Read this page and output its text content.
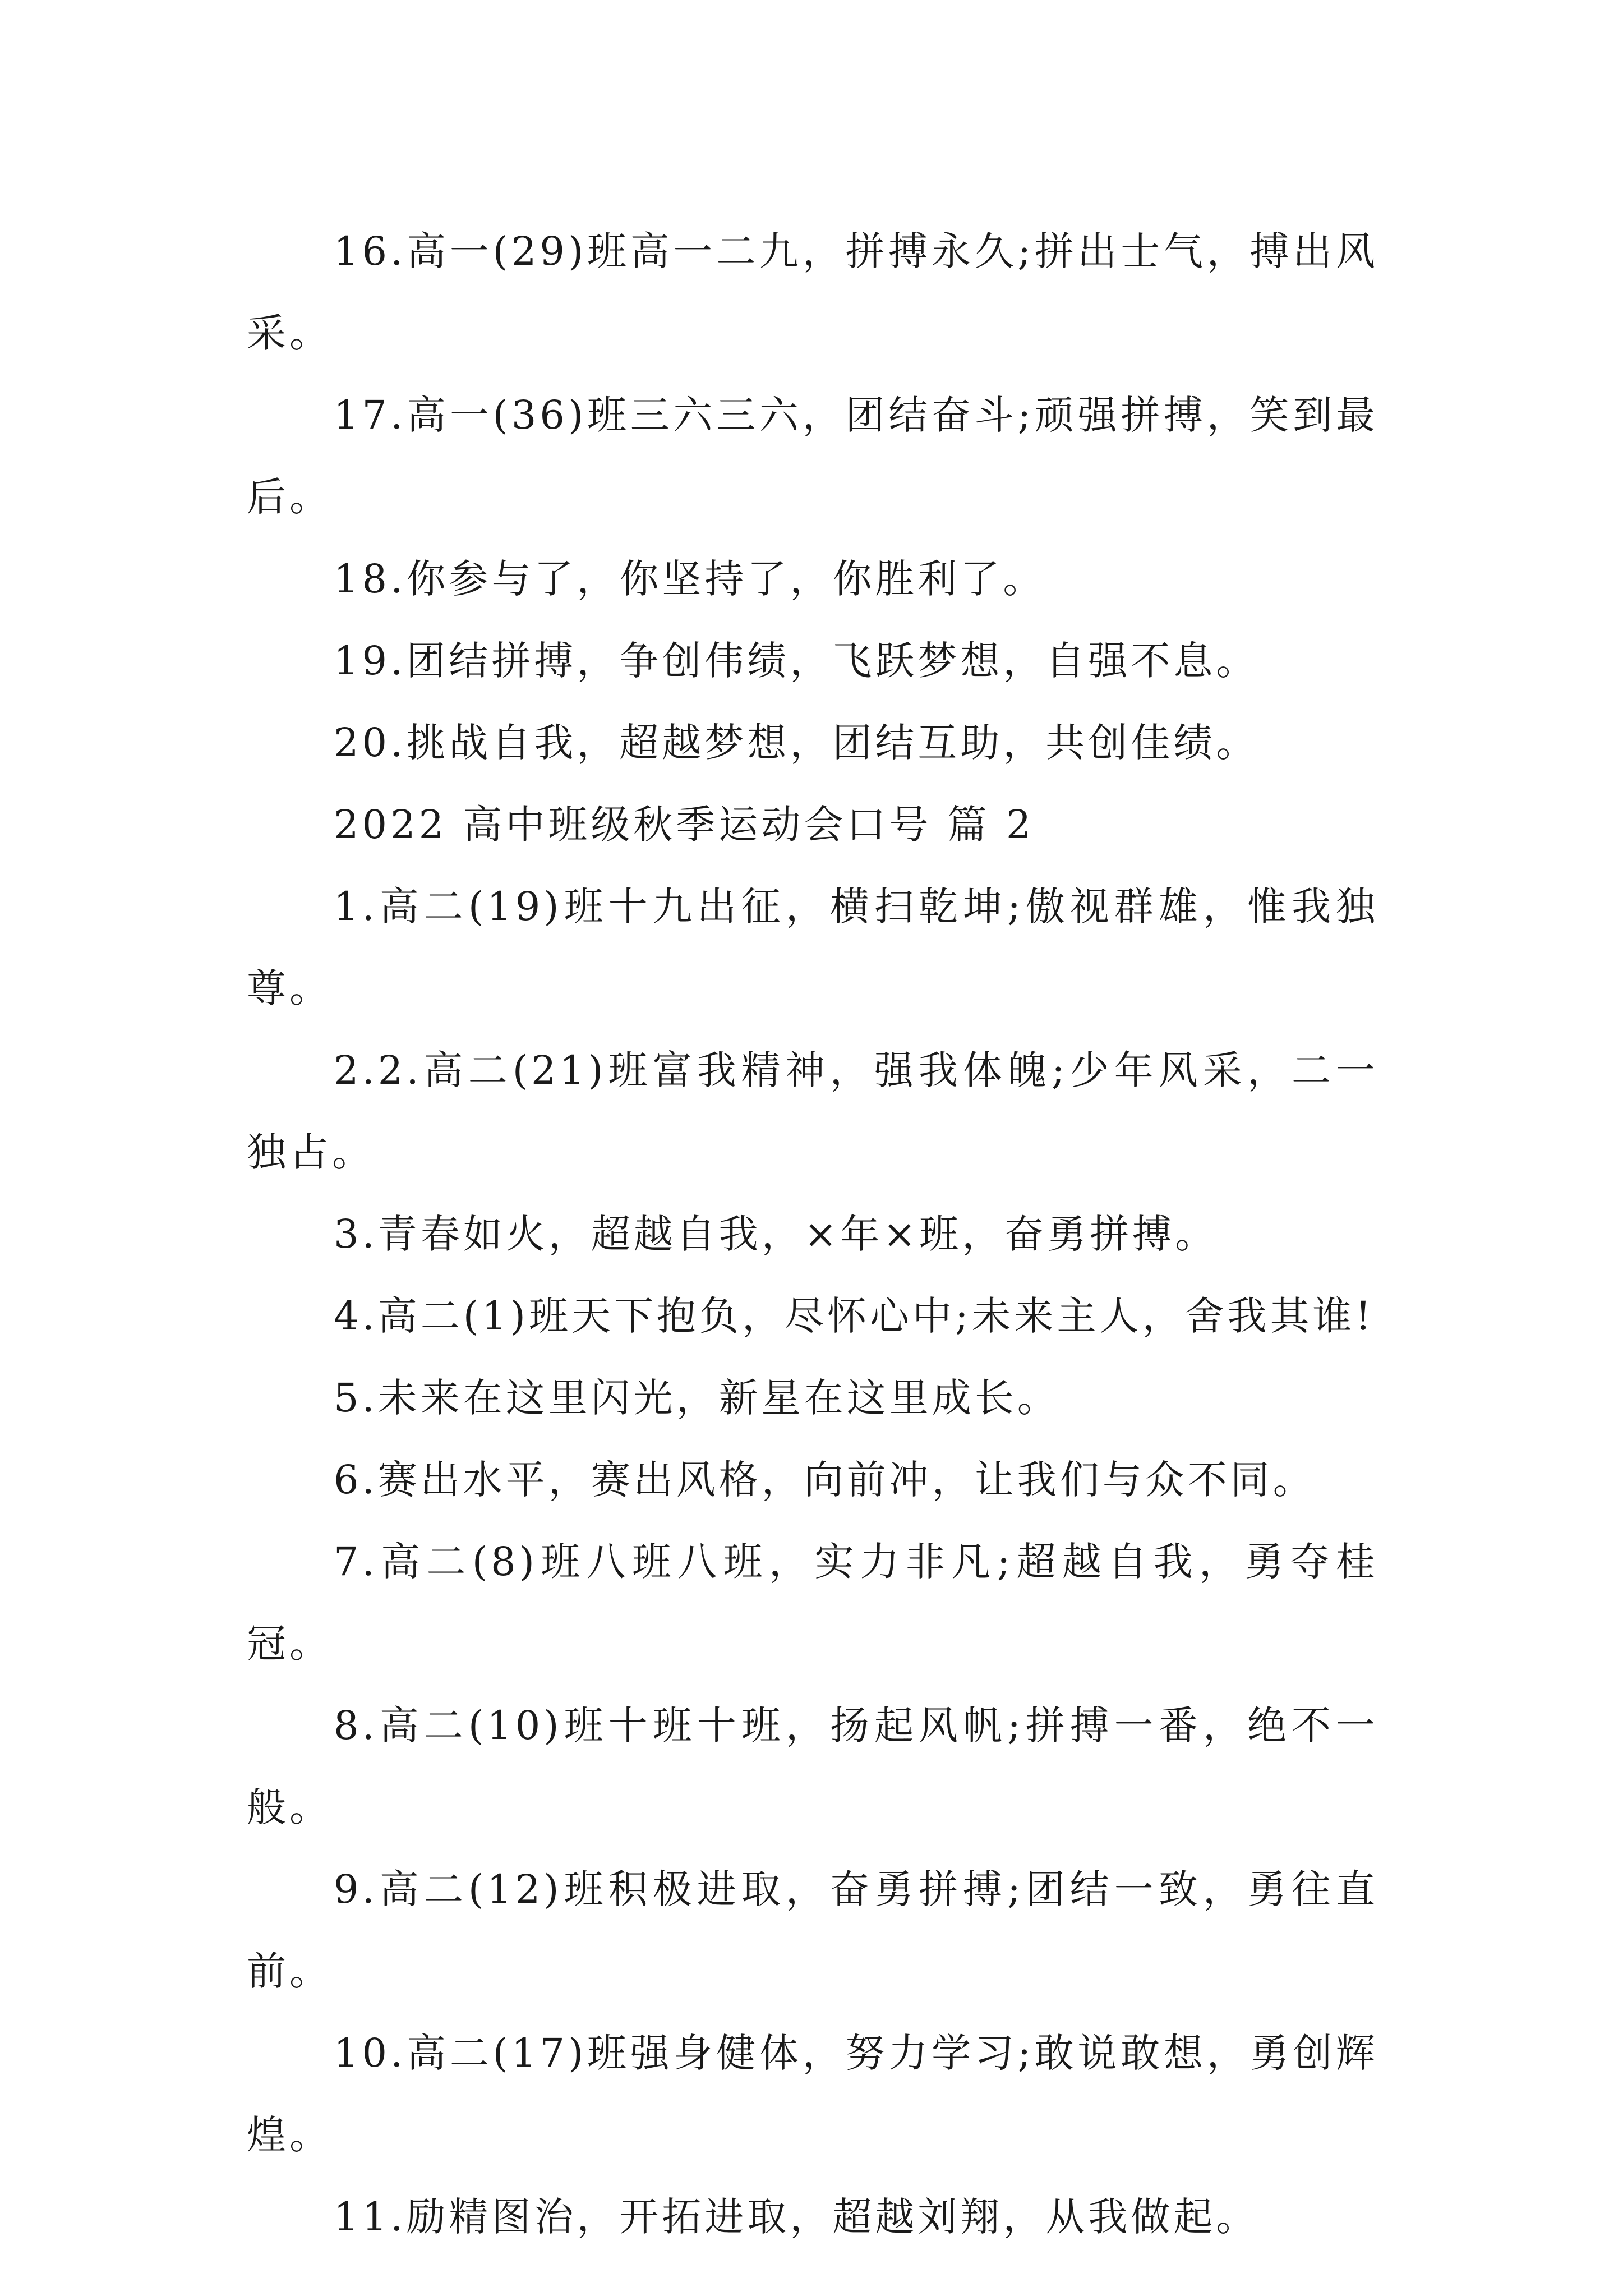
16.高一(29)班高一二九，拼搏永久;拼出士气，搏出风采。

17.高一(36)班三六三六，团结奋斗;顽强拼搏，笑到最后。

18.你参与了，你坚持了，你胜利了。

19.团结拼搏，争创伟绩，飞跃梦想，自强不息。

20.挑战自我，超越梦想，团结互助，共创佳绩。

2022 高中班级秋季运动会口号 篇 2

1.高二(19)班十九出征，横扫乾坤;傲视群雄，惟我独尊。

2.2.高二(21)班富我精神，强我体魄;少年风采，二一独占。

3.青春如火，超越自我，×年×班，奋勇拼搏。

4.高二(1)班天下抱负，尽怀心中;未来主人，舍我其谁!

5.未来在这里闪光，新星在这里成长。

6.赛出水平，赛出风格，向前冲，让我们与众不同。

7.高二(8)班八班八班，实力非凡;超越自我，勇夺桂冠。

8.高二(10)班十班十班，扬起风帆;拼搏一番，绝不一般。

9.高二(12)班积极进取，奋勇拼搏;团结一致，勇往直前。

10.高二(17)班强身健体，努力学习;敢说敢想，勇创辉煌。

11.励精图治，开拓进取，超越刘翔，从我做起。
